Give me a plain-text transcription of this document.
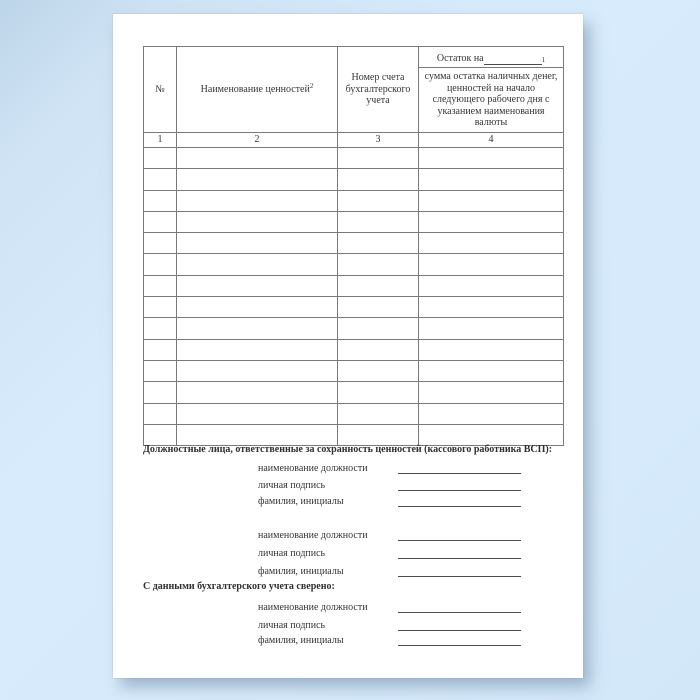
№	Наименование ценностей$^2$	Номер счета бухгалтерского учета	Остаток на $^1$

			сумма остатка наличных денег, ценностей на начало следующего рабочего дня с указанием наименования валюты
1	2	3	4

Должностные лица, ответственные за сохранность ценностей (кассового работника ВСП):
наименование должности
личная подпись
фамилия, инициалы
наименование должности
личная подпись
фамилия, инициалы
С данными бухгалтерского учета сверено:
наименование должности
личная подпись
фамилия, инициалы
